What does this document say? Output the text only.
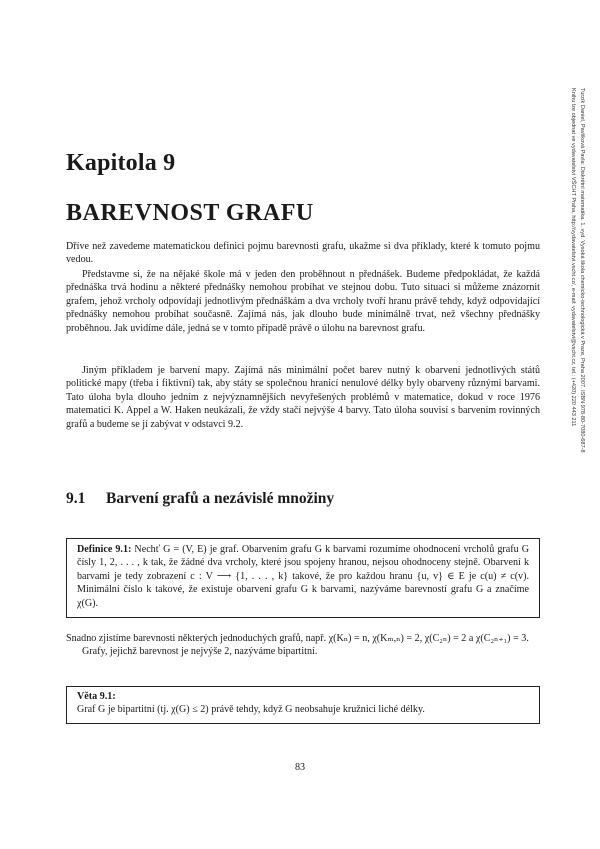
Kapitola 9
BAREVNOST GRAFU

Dříve než zavedeme matematickou definici pojmu barevnosti grafu, ukažme si dva příklady, které k tomuto pojmu vedou.

Představme si, že na nějaké škole má v jeden den proběhnout n přednášek. Budeme předpokládat, že každá přednáška trvá hodinu a některé přednášky nemohou probíhat ve stejnou dobu. Tuto situaci si můžeme znázornit grafem, jehož vrcholy odpovídají jednotlivým přednáškám a dva vrcholy tvoří hranu právě tehdy, když odpovídající přednášky nemohou probíhat současně. Zajímá nás, jak dlouho bude minimálně trvat, než všechny přednášky proběhnou. Jak uvidíme dále, jedná se v tomto případě právě o úlohu na barevnost grafu.

Jiným příkladem je barvení mapy. Zajímá nás minimální počet barev nutný k obarvení jednotlivých států politické mapy (třeba i fiktivní) tak, aby státy se společnou hranicí nenulové délky byly obarveny různými barvami. Tato úloha byla dlouho jedním z nejvýznamnějších nevyřešených problémů v matematice, dokud v roce 1976 matematici K. Appel a W. Haken neukázali, že vždy stačí nejvýše 4 barvy. Tato úloha souvisí s barvením rovinných grafů a budeme se jí zabývat v odstavci 9.2.

9.1 Barvení grafů a nezávislé množiny

Definice 9.1: Nechť G = (V, E) je graf. Obarvením grafu G k barvami rozumíme ohodnocení vrcholů grafu G čísly 1, 2, . . . , k tak, že žádné dva vrcholy, které jsou spojeny hranou, nejsou ohodnoceny stejně. Obarvení k barvami je tedy zobrazení c : V ⟶ {1, . . . , k} takové, že pro každou hranu {u, v} ∈ E je c(u) ≠ c(v). Minimální číslo k takové, že existuje obarvení grafu G k barvami, nazýváme barevností grafu G a značíme χ(G).

Snadno zjistíme barevnosti některých jednoduchých grafů, např. χ(Kₙ) = n, χ(Kₘ,ₙ) = 2, χ(C₂ₙ) = 2 a χ(C₂ₙ₊₁) = 3.

Grafy, jejichž barevnost je nejvýše 2, nazýváme bipartitní.

Věta 9.1:
Graf G je bipartitní (tj. χ(G) ≤ 2) právě tehdy, když G neobsahuje kružnici liché délky.
83
Turzík Daniel, Pavlíková Pavla: Diskrétní matematika. 1. vyd. Vysoká škola chemicko-technologická v Praze, Praha 2007. ISBN 978-80-7080-687-8
Knihu lze objednat ve vydavatelství VŠCHT Praha, http://vydavatelstvi.vscht.cz/, e-mail: vydavatelstvi@vscht.cz, tel.: (+420) 220 443 211
